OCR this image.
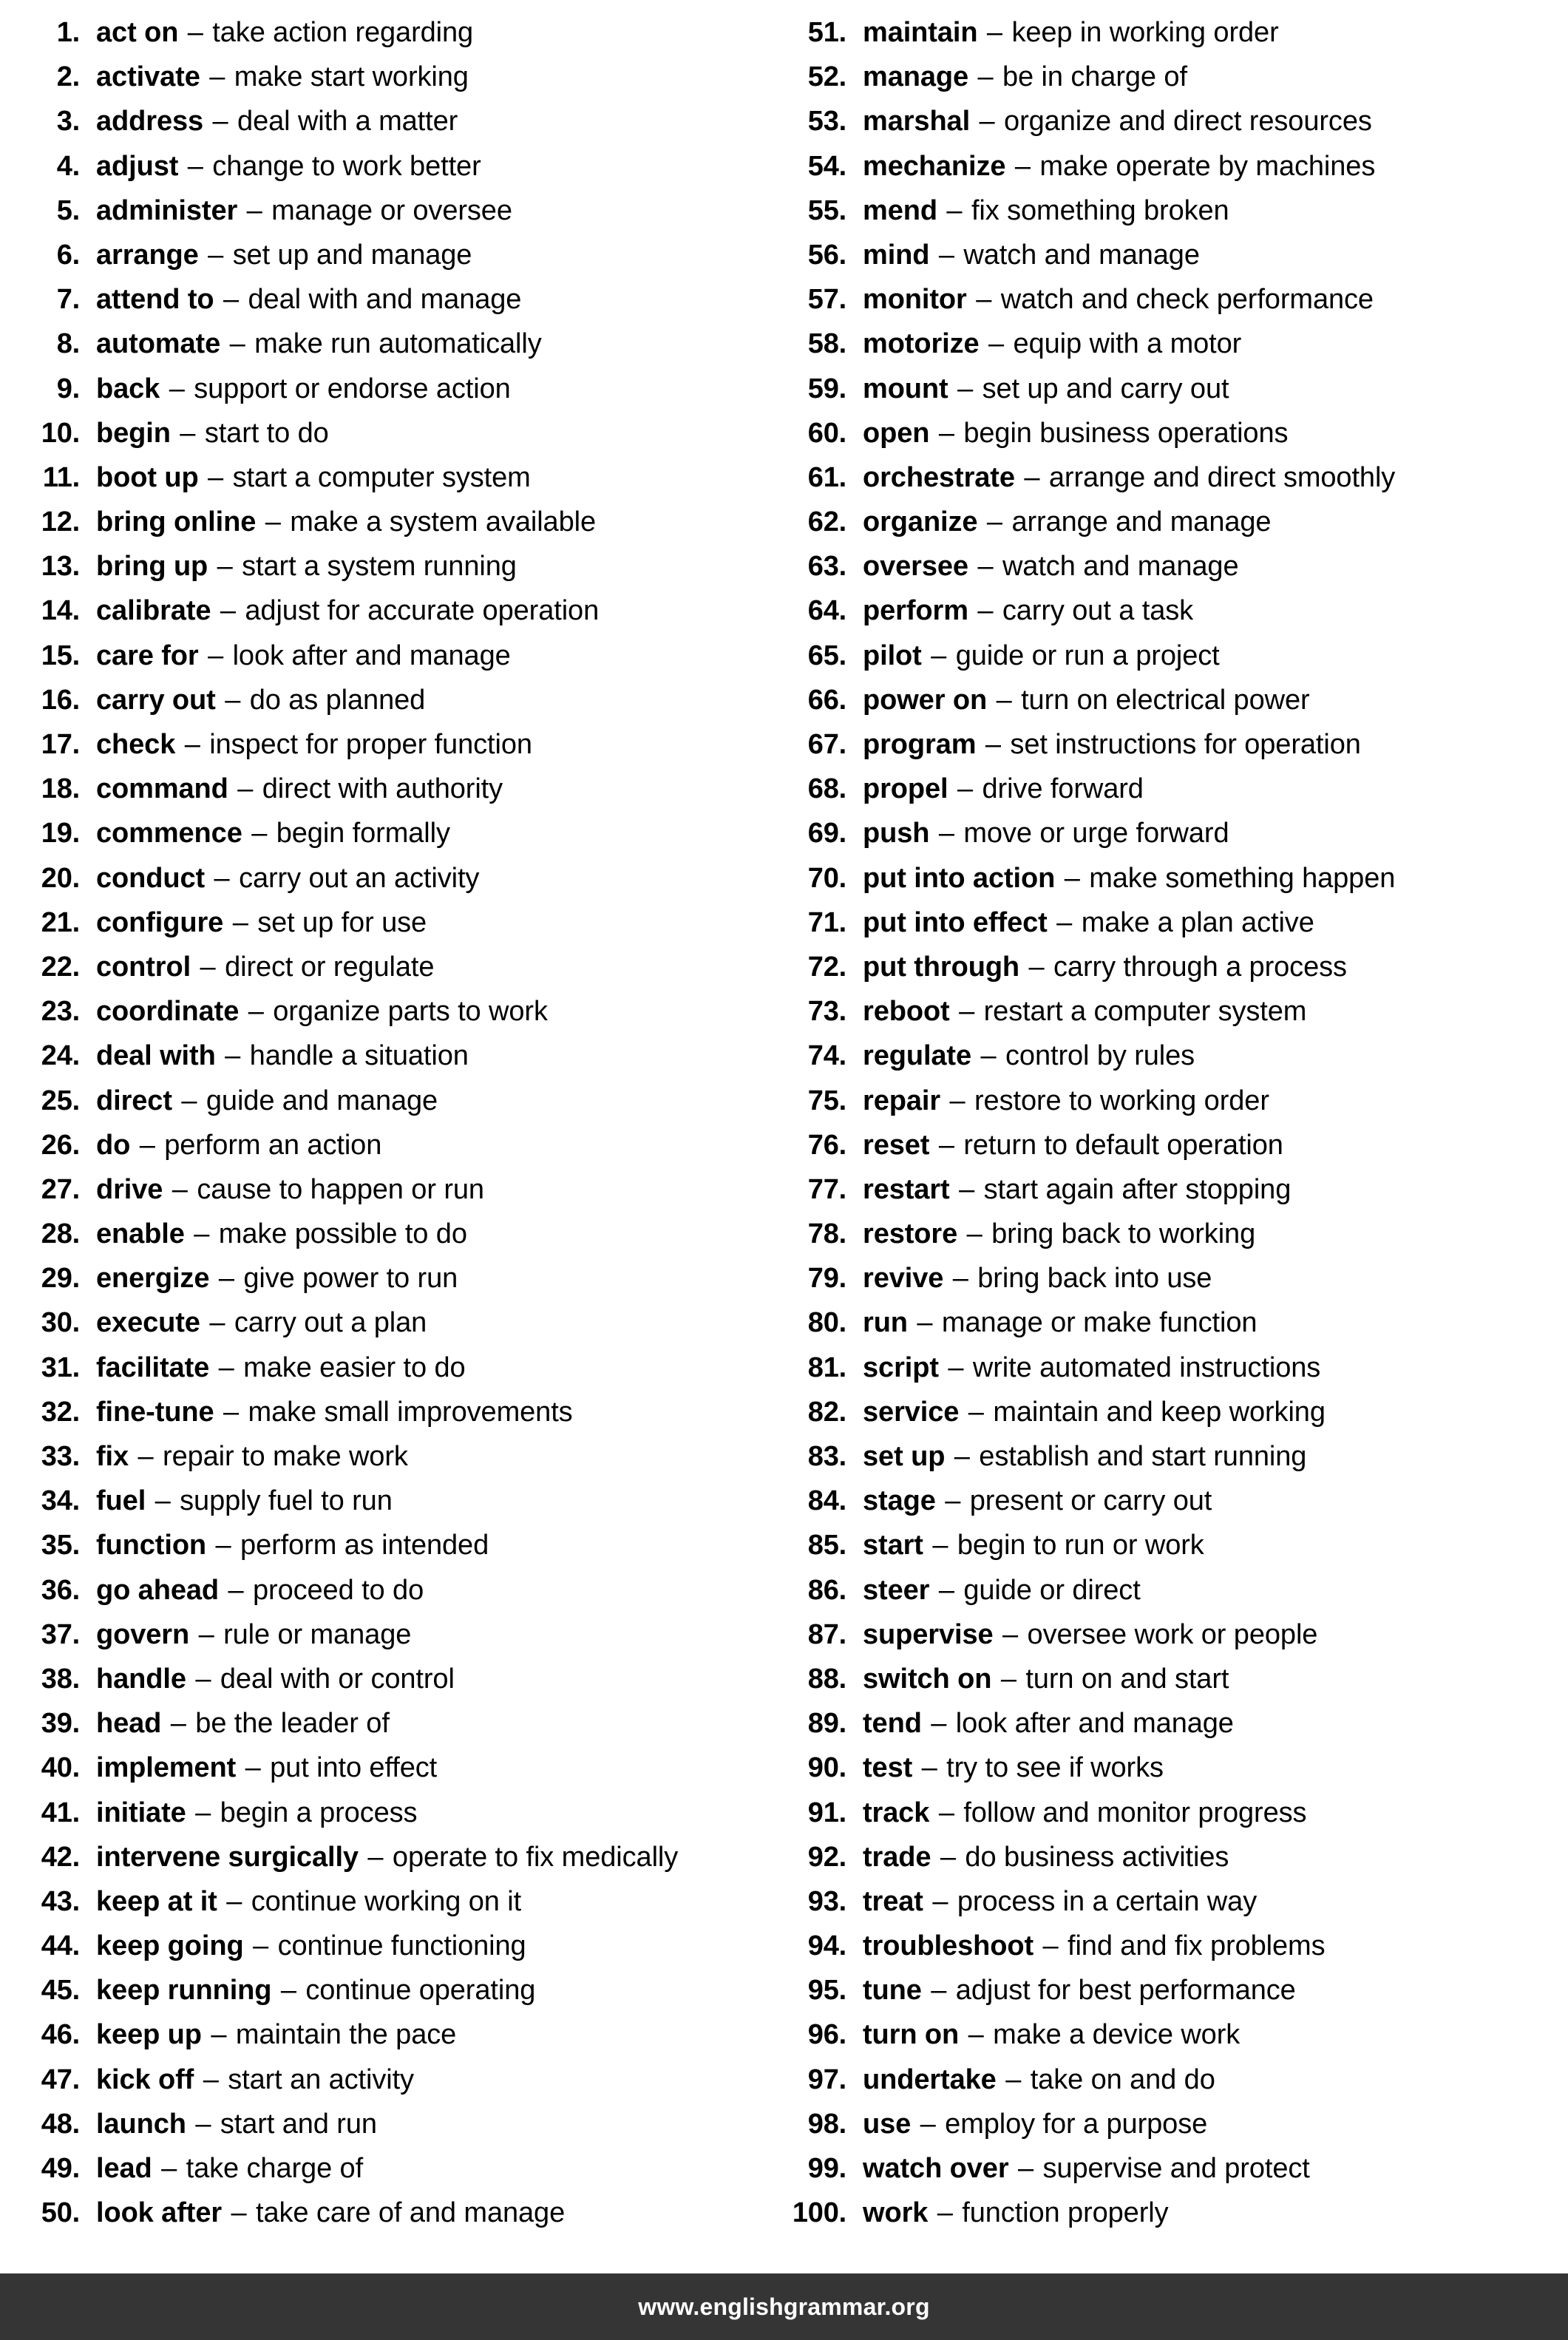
1. act on – take action regarding
2. activate – make start working
3. address – deal with a matter
4. adjust – change to work better
5. administer – manage or oversee
6. arrange – set up and manage
7. attend to – deal with and manage
8. automate – make run automatically
9. back – support or endorse action
10. begin – start to do
11. boot up – start a computer system
12. bring online – make a system available
13. bring up – start a system running
14. calibrate – adjust for accurate operation
15. care for – look after and manage
16. carry out – do as planned
17. check – inspect for proper function
18. command – direct with authority
19. commence – begin formally
20. conduct – carry out an activity
21. configure – set up for use
22. control – direct or regulate
23. coordinate – organize parts to work
24. deal with – handle a situation
25. direct – guide and manage
26. do – perform an action
27. drive – cause to happen or run
28. enable – make possible to do
29. energize – give power to run
30. execute – carry out a plan
31. facilitate – make easier to do
32. fine-tune – make small improvements
33. fix – repair to make work
34. fuel – supply fuel to run
35. function – perform as intended
36. go ahead – proceed to do
37. govern – rule or manage
38. handle – deal with or control
39. head – be the leader of
40. implement – put into effect
41. initiate – begin a process
42. intervene surgically – operate to fix medically
43. keep at it – continue working on it
44. keep going – continue functioning
45. keep running – continue operating
46. keep up – maintain the pace
47. kick off – start an activity
48. launch – start and run
49. lead – take charge of
50. look after – take care of and manage
51. maintain – keep in working order
52. manage – be in charge of
53. marshal – organize and direct resources
54. mechanize – make operate by machines
55. mend – fix something broken
56. mind – watch and manage
57. monitor – watch and check performance
58. motorize – equip with a motor
59. mount – set up and carry out
60. open – begin business operations
61. orchestrate – arrange and direct smoothly
62. organize – arrange and manage
63. oversee – watch and manage
64. perform – carry out a task
65. pilot – guide or run a project
66. power on – turn on electrical power
67. program – set instructions for operation
68. propel – drive forward
69. push – move or urge forward
70. put into action – make something happen
71. put into effect – make a plan active
72. put through – carry through a process
73. reboot – restart a computer system
74. regulate – control by rules
75. repair – restore to working order
76. reset – return to default operation
77. restart – start again after stopping
78. restore – bring back to working
79. revive – bring back into use
80. run – manage or make function
81. script – write automated instructions
82. service – maintain and keep working
83. set up – establish and start running
84. stage – present or carry out
85. start – begin to run or work
86. steer – guide or direct
87. supervise – oversee work or people
88. switch on – turn on and start
89. tend – look after and manage
90. test – try to see if works
91. track – follow and monitor progress
92. trade – do business activities
93. treat – process in a certain way
94. troubleshoot – find and fix problems
95. tune – adjust for best performance
96. turn on – make a device work
97. undertake – take on and do
98. use – employ for a purpose
99. watch over – supervise and protect
100. work – function properly
www.englishgrammar.org
